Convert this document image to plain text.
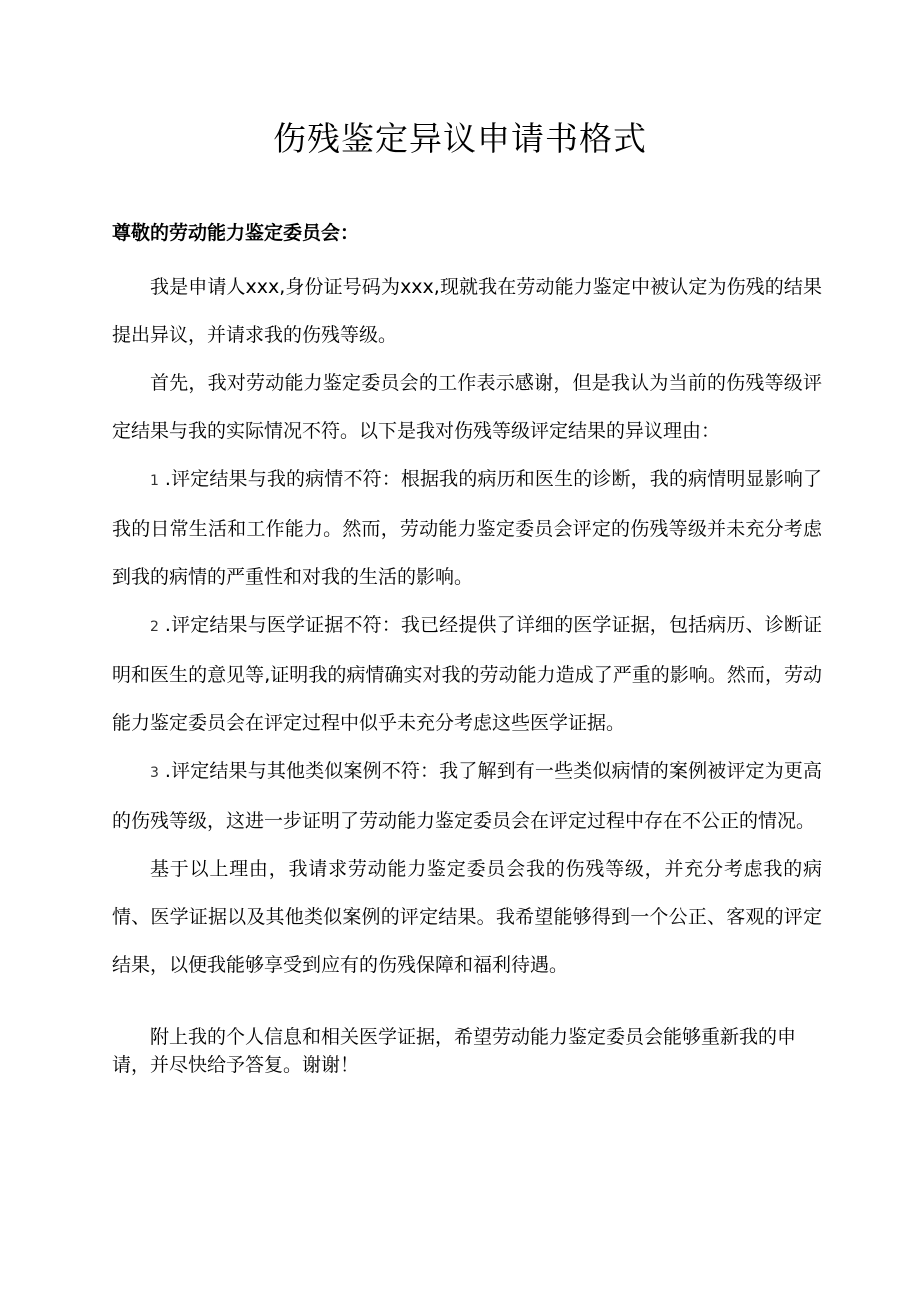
伤残鉴定异议申请书格式

尊敬的劳动能力鉴定委员会：

我是申请人xxx,身份证号码为xxx,现就我在劳动能力鉴定中被认定为伤残的结果提出异议，并请求我的伤残等级。

首先，我对劳动能力鉴定委员会的工作表示感谢，但是我认为当前的伤残等级评定结果与我的实际情况不符。以下是我对伤残等级评定结果的异议理由：

1 .评定结果与我的病情不符：根据我的病历和医生的诊断，我的病情明显影响了我的日常生活和工作能力。然而，劳动能力鉴定委员会评定的伤残等级并未充分考虑到我的病情的严重性和对我的生活的影响。

2 .评定结果与医学证据不符：我已经提供了详细的医学证据，包括病历、诊断证明和医生的意见等,证明我的病情确实对我的劳动能力造成了严重的影响。然而，劳动能力鉴定委员会在评定过程中似乎未充分考虑这些医学证据。

3 .评定结果与其他类似案例不符：我了解到有一些类似病情的案例被评定为更高的伤残等级，这进一步证明了劳动能力鉴定委员会在评定过程中存在不公正的情况。

基于以上理由，我请求劳动能力鉴定委员会我的伤残等级，并充分考虑我的病情、医学证据以及其他类似案例的评定结果。我希望能够得到一个公正、客观的评定结果，以便我能够享受到应有的伤残保障和福利待遇。

附上我的个人信息和相关医学证据，希望劳动能力鉴定委员会能够重新我的申请，并尽快给予答复。谢谢！
